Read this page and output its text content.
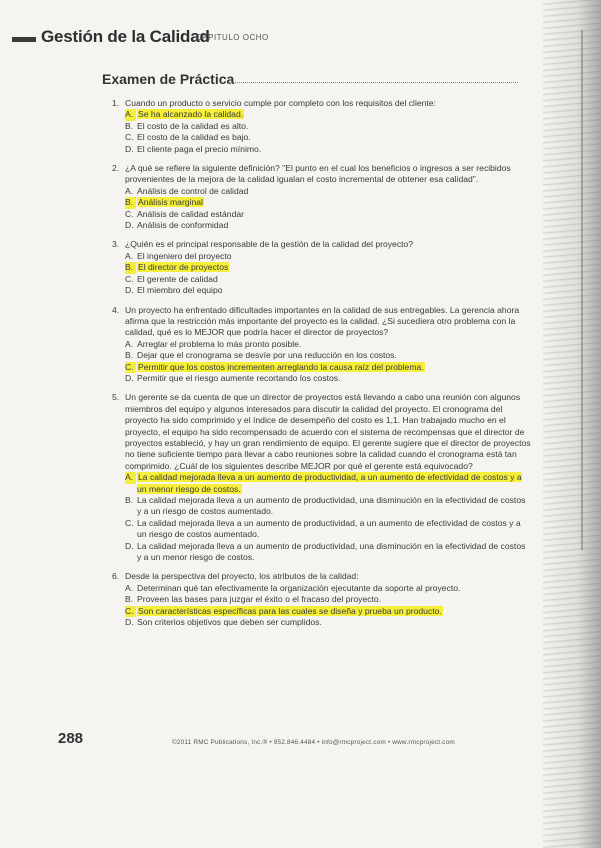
Gestión de la Calidad
CAPITULO OCHO
Examen de Práctica
1. Cuando un producto o servicio cumple por completo con los requisitos del cliente:
A. Se ha alcanzado la calidad.
B. El costo de la calidad es alto.
C. El costo de la calidad es bajo.
D. El cliente paga el precio mínimo.
2. ¿A qué se refiere la siguiente definición? "El punto en el cual los beneficios o ingresos a ser recibidos provenientes de la mejora de la calidad igualan el costo incremental de obtener esa calidad".
A. Análisis de control de calidad
B. Análisis marginal
C. Análisis de calidad estándar
D. Análisis de conformidad
3. ¿Quién es el principal responsable de la gestión de la calidad del proyecto?
A. El ingeniero del proyecto
B. El director de proyectos
C. El gerente de calidad
D. El miembro del equipo
4. Un proyecto ha enfrentado dificultades importantes en la calidad de sus entregables. La gerencia ahora afirma que la restricción más importante del proyecto es la calidad. ¿Si sucediera otro problema con la calidad, qué es lo MEJOR que podría hacer el director de proyectos?
A. Arreglar el problema lo más pronto posible.
B. Dejar que el cronograma se desvíe por una reducción en los costos.
C. Permitir que los costos incrementen arreglando la causa raíz del problema.
D. Permitir que el riesgo aumente recortando los costos.
5. Un gerente se da cuenta de que un director de proyectos está llevando a cabo una reunión con algunos miembros del equipo y algunos interesados para discutir la calidad del proyecto. El cronograma del proyecto ha sido comprimido y el índice de desempeño del costo es 1,1. Han trabajado mucho en el proyecto, el equipo ha sido recompensado de acuerdo con el sistema de recompensas que el director de proyectos estableció, y hay un gran rendimiento de equipo. El gerente sugiere que el director de proyectos no tiene suficiente tiempo para llevar a cabo reuniones sobre la calidad cuando el cronograma está tan comprimido. ¿Cuál de los siguientes describe MEJOR por qué el gerente está equivocado?
A. La calidad mejorada lleva a un aumento de productividad, a un aumento de efectividad de costos y a un menor riesgo de costos.
B. La calidad mejorada lleva a un aumento de productividad, una disminución en la efectividad de costos y a un riesgo de costos aumentado.
C. La calidad mejorada lleva a un aumento de productividad, a un aumento de efectividad de costos y a un riesgo de costos aumentado.
D. La calidad mejorada lleva a un aumento de productividad, una disminución en la efectividad de costos y a un menor riesgo de costos.
6. Desde la perspectiva del proyecto, los atributos de la calidad:
A. Determinan qué tan efectivamente la organización ejecutante da soporte al proyecto.
B. Proveen las bases para juzgar el éxito o el fracaso del proyecto.
C. Son características específicas para las cuales se diseña y prueba un producto.
D. Son criterios objetivos que deben ser cumplidos.
288	©2011 RMC Publications, Inc.® • 952.846.4484 • info@rmcproject.com • www.rmcproject.com
